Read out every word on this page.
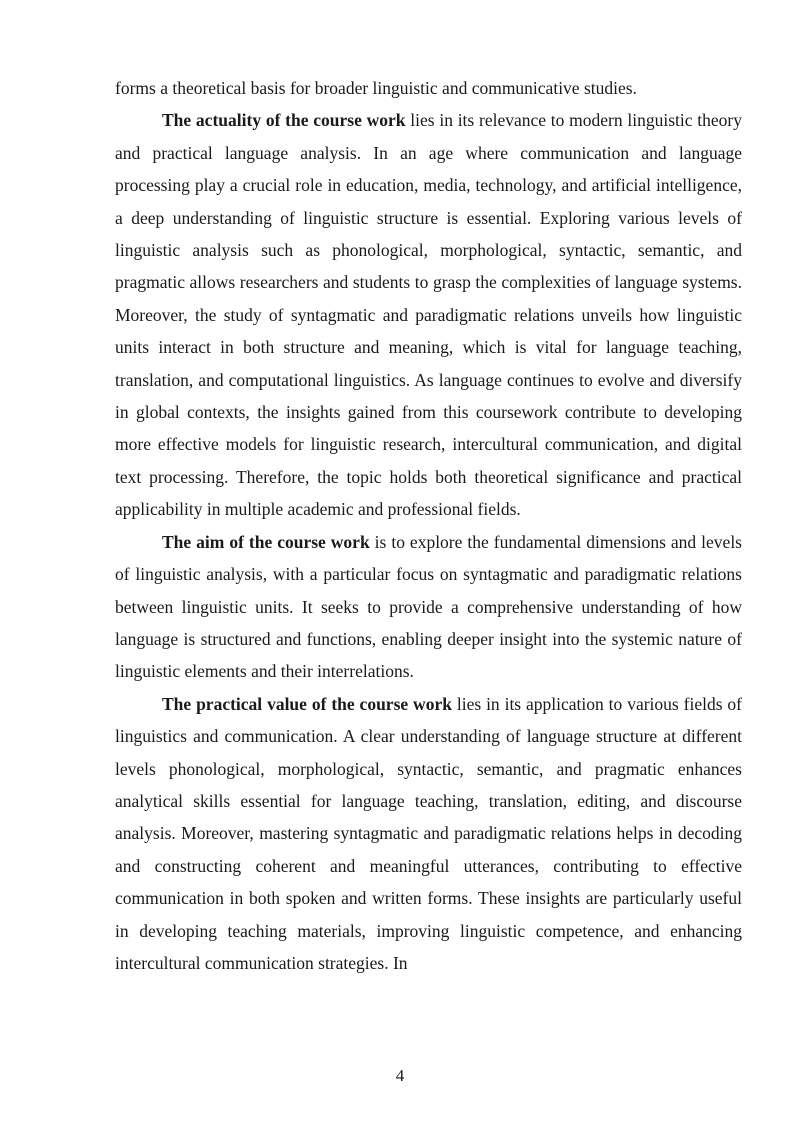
forms a theoretical basis for broader linguistic and communicative studies.

The actuality of the course work lies in its relevance to modern linguistic theory and practical language analysis. In an age where communication and language processing play a crucial role in education, media, technology, and artificial intelligence, a deep understanding of linguistic structure is essential. Exploring various levels of linguistic analysis such as phonological, morphological, syntactic, semantic, and pragmatic allows researchers and students to grasp the complexities of language systems. Moreover, the study of syntagmatic and paradigmatic relations unveils how linguistic units interact in both structure and meaning, which is vital for language teaching, translation, and computational linguistics. As language continues to evolve and diversify in global contexts, the insights gained from this coursework contribute to developing more effective models for linguistic research, intercultural communication, and digital text processing. Therefore, the topic holds both theoretical significance and practical applicability in multiple academic and professional fields.

The aim of the course work is to explore the fundamental dimensions and levels of linguistic analysis, with a particular focus on syntagmatic and paradigmatic relations between linguistic units. It seeks to provide a comprehensive understanding of how language is structured and functions, enabling deeper insight into the systemic nature of linguistic elements and their interrelations.

The practical value of the course work lies in its application to various fields of linguistics and communication. A clear understanding of language structure at different levels phonological, morphological, syntactic, semantic, and pragmatic enhances analytical skills essential for language teaching, translation, editing, and discourse analysis. Moreover, mastering syntagmatic and paradigmatic relations helps in decoding and constructing coherent and meaningful utterances, contributing to effective communication in both spoken and written forms. These insights are particularly useful in developing teaching materials, improving linguistic competence, and enhancing intercultural communication strategies. In

4
